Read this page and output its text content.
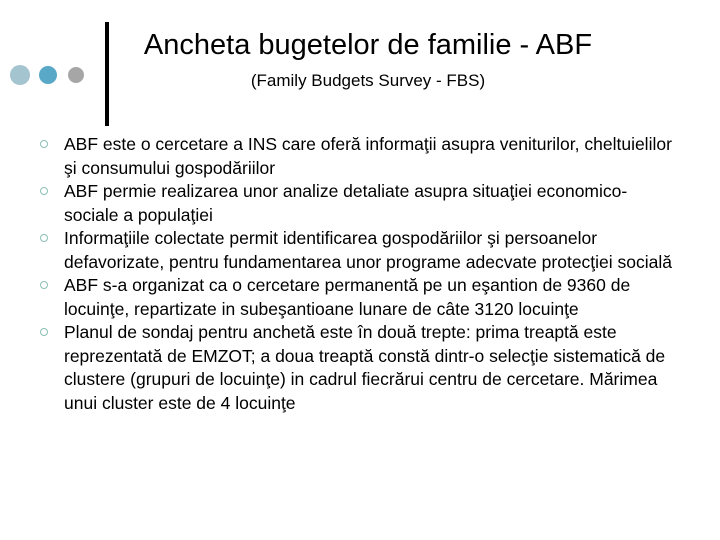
Ancheta bugetelor de familie - ABF
(Family Budgets Survey - FBS)
ABF este o cercetare a INS care oferă informaţii asupra veniturilor, cheltuielilor şi consumului gospodăriilor
ABF permie realizarea unor analize detaliate asupra situaţiei economico-sociale a populaţiei
Informaţiile colectate permit identificarea gospodăriilor şi persoanelor defavorizate, pentru fundamentarea unor programe adecvate protecţiei socială
ABF s-a organizat ca o cercetare permanentă pe un eşantion de 9360 de locuinţe, repartizate in subeşantioane lunare de câte 3120 locuinţe
Planul de sondaj pentru anchetă este în două trepte: prima treaptă este reprezentată de EMZOT; a doua treaptă constă dintr-o selecţie sistematică de clustere (grupuri de locuinţe) in cadrul fiecrărui centru de cercetare. Mărimea unui cluster este de 4 locuinţe
